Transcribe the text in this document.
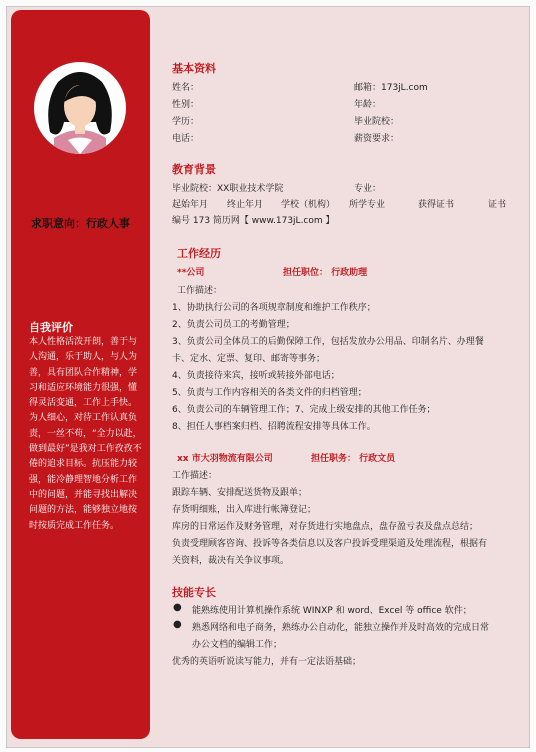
求职意向：行政人事
自我评价
本人性格活泼开朗，善于与人沟通，乐于助人，与人为善，具有团队合作精神，学习和适应环境能力很强，懂得灵活变通，工作上手快。为人细心，对待工作认真负责，一丝不苟，“全力以赴，做到最好”是我对工作孜孜不倦的追求目标。抗压能力较强，能冷静理智地分析工作中的问题，并能寻找出解决问题的方法，能够独立地按时按质完成工作任务。
基本资料
姓名：	邮箱：173jL.com
性别：	年龄：
学历：	毕业院校：
电话：	薪资要求：
教育背景
毕业院校：XX职业技术学院	专业：
起始年月 终止年月 学校（机构） 所学专业	获得证书	证书
编号 173 简历网【 www.173jL.com 】
工作经历
**公司	担任职位： 行政助理
工作描述：
1、协助执行公司的各项规章制度和维护工作秩序；
2、负责公司员工的考勤管理；
3、负责公司全体员工的后勤保障工作，包括发放办公用品、印制名片、办理餐
卡、定水、定票、复印、邮寄等事务；
4、负责接待来宾，接听或转接外部电话；
5、负责与工作内容相关的各类文件的归档管理；
6、负责公司的车辆管理工作；7、完成上级安排的其他工作任务；
8、担任人事档案归档、招聘流程安排等具体工作。
xx 市大羽物流有限公司	担任职务： 行政文员
工作描述：
跟踪车辆、安排配送货物及跟单；
存货明细账，出入库进行帐簿登记；
库房的日常运作及财务管理，对存货进行实地盘点，盘存盈亏表及盘点总结；
负责受理顾客咨询、投诉等各类信息以及客户投诉受理渠道及处理流程，根据有
关资料，裁决有关争议事项。
技能专长
● 能熟练使用计算机操作系统 WINXP 和 word、Excel 等 office 软件；
● 熟悉网络和电子商务，熟练办公自动化，能独立操作并及时高效的完成日常
办公文档的编辑工作；
优秀的英语听说读写能力，并有一定法语基础；
